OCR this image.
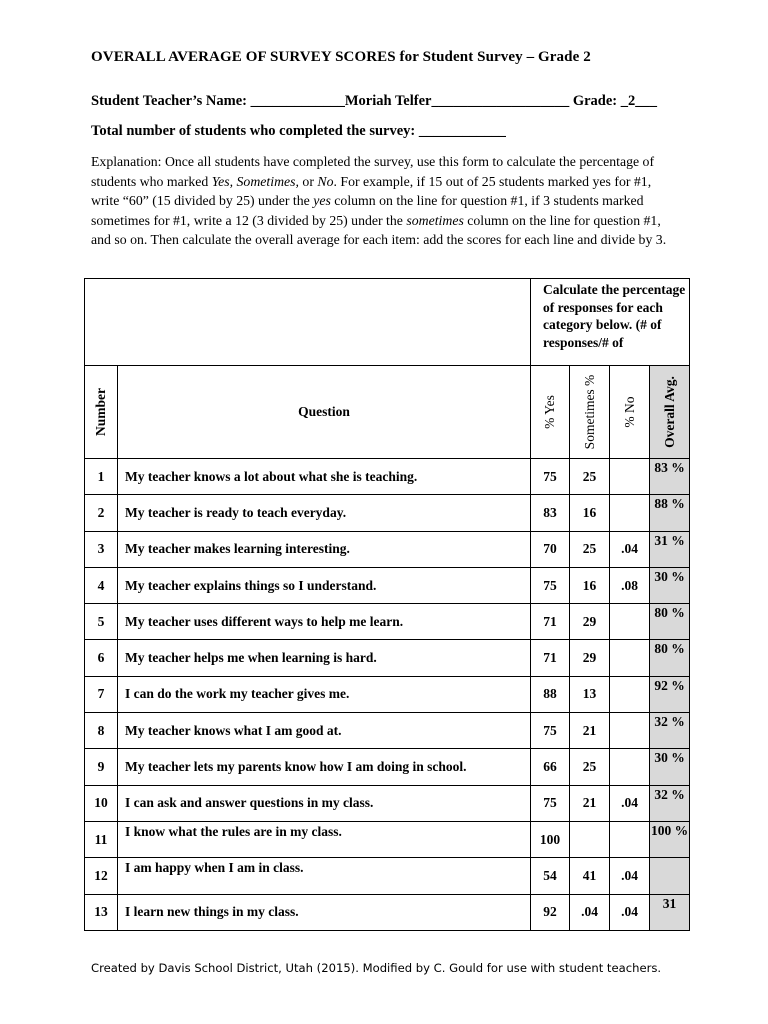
OVERALL AVERAGE OF SURVEY SCORES for Student Survey – Grade 2
Student Teacher’s Name: _____________Moriah Telfer___________________ Grade: _2___
Total number of students who completed the survey: ____________
Explanation: Once all students have completed the survey, use this form to calculate the percentage of students who marked Yes, Sometimes, or No. For example, if 15 out of 25 students marked yes for #1, write “60” (15 divided by 25) under the yes column on the line for question #1, if 3 students marked sometimes for #1, write a 12 (3 divided by 25) under the sometimes column on the line for question #1, and so on. Then calculate the overall average for each item: add the scores for each line and divide by 3.

		Calculate the percentage of responses for each category below. (# of responses/# of			

Number	Question	% Yes	Sometimes %	% No	Overall Avg.

1	My teacher knows a lot about what she is teaching.	75	25		83 %
2	My teacher is ready to teach everyday.	83	16		88 %
3	My teacher makes learning interesting.	70	25	.04	31 %
4	My teacher explains things so I understand.	75	16	.08	30 %
5	My teacher uses different ways to help me learn.	71	29		80 %
6	My teacher helps me when learning is hard.	71	29		80 %
7	I can do the work my teacher gives me.	88	13		92 %
8	My teacher knows what I am good at.	75	21		32 %
9	My teacher lets my parents know how I am doing in school.	66	25		30 %
10	I can ask and answer questions in my class.	75	21	.04	32 %
11	I know what the rules are in my class.	100			100 %
12	I am happy when I am in class.	54	41	.04	
13	I learn new things in my class.	92	.04	.04	31
Created by Davis School District, Utah (2015). Modified by C. Gould for use with student teachers.
